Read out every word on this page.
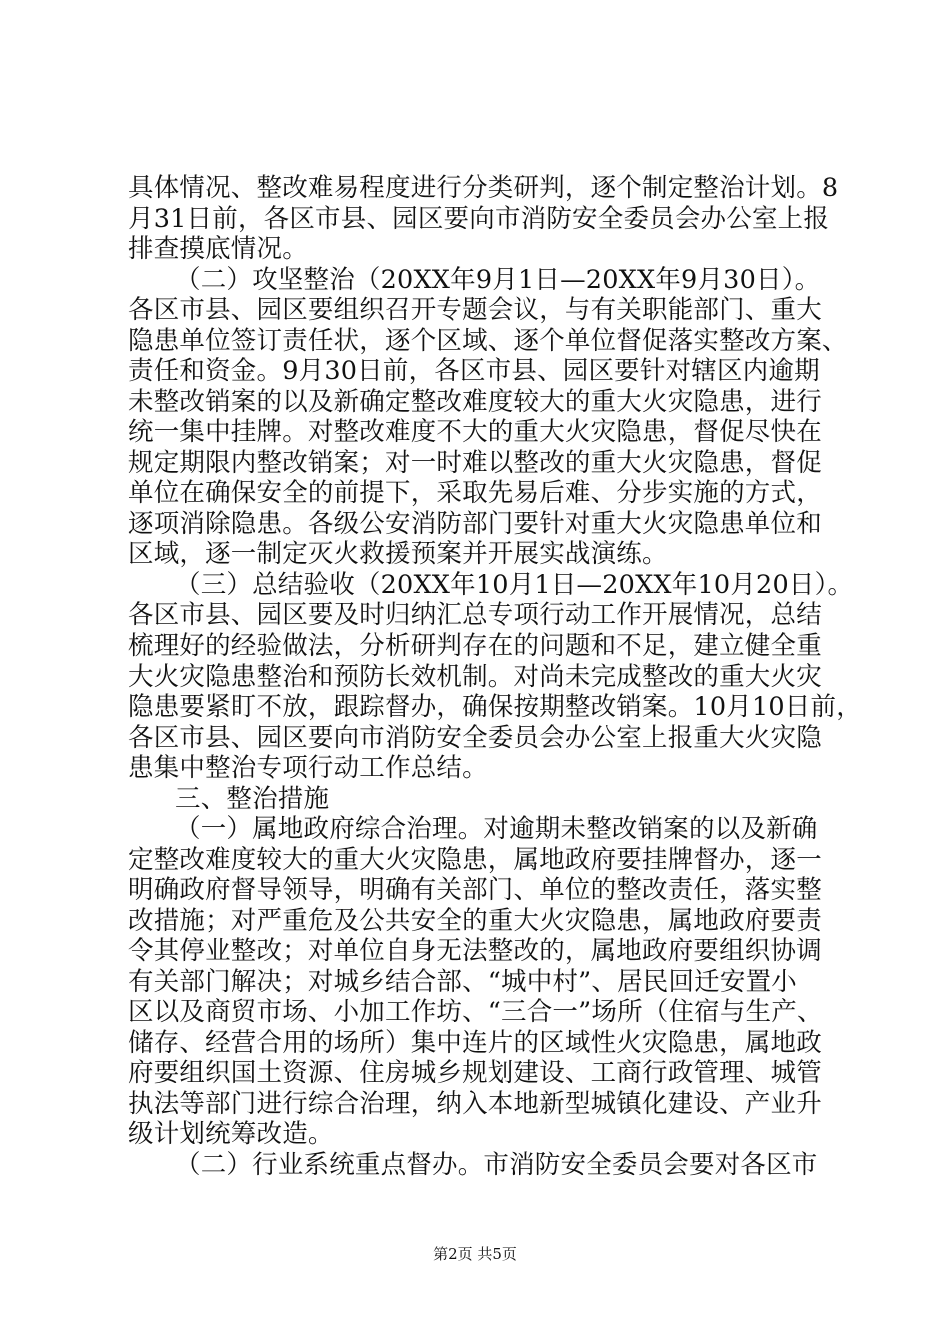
具体情况、整改难易程度进行分类研判，逐个制定整治计划。8
月31日前，各区市县、园区要向市消防安全委员会办公室上报
排查摸底情况。
（二）攻坚整治（20XX年9月1日—20XX年9月30日）。
各区市县、园区要组织召开专题会议，与有关职能部门、重大
隐患单位签订责任状，逐个区域、逐个单位督促落实整改方案、
责任和资金。9月30日前，各区市县、园区要针对辖区内逾期
未整改销案的以及新确定整改难度较大的重大火灾隐患，进行
统一集中挂牌。对整改难度不大的重大火灾隐患，督促尽快在
规定期限内整改销案；对一时难以整改的重大火灾隐患，督促
单位在确保安全的前提下，采取先易后难、分步实施的方式，
逐项消除隐患。各级公安消防部门要针对重大火灾隐患单位和
区域，逐一制定灭火救援预案并开展实战演练。
（三）总结验收（20XX年10月1日—20XX年10月20日）。
各区市县、园区要及时归纳汇总专项行动工作开展情况，总结
梳理好的经验做法，分析研判存在的问题和不足，建立健全重
大火灾隐患整治和预防长效机制。对尚未完成整改的重大火灾
隐患要紧盯不放，跟踪督办，确保按期整改销案。10月10日前，
各区市县、园区要向市消防安全委员会办公室上报重大火灾隐
患集中整治专项行动工作总结。
三、整治措施
（一）属地政府综合治理。对逾期未整改销案的以及新确
定整改难度较大的重大火灾隐患，属地政府要挂牌督办，逐一
明确政府督导领导，明确有关部门、单位的整改责任，落实整
改措施；对严重危及公共安全的重大火灾隐患，属地政府要责
令其停业整改；对单位自身无法整改的，属地政府要组织协调
有关部门解决；对城乡结合部、“城中村”、居民回迁安置小
区以及商贸市场、小加工作坊、“三合一”场所（住宿与生产、
储存、经营合用的场所）集中连片的区域性火灾隐患，属地政
府要组织国土资源、住房城乡规划建设、工商行政管理、城管
执法等部门进行综合治理，纳入本地新型城镇化建设、产业升
级计划统筹改造。
（二）行业系统重点督办。市消防安全委员会要对各区市
第2页 共5页
